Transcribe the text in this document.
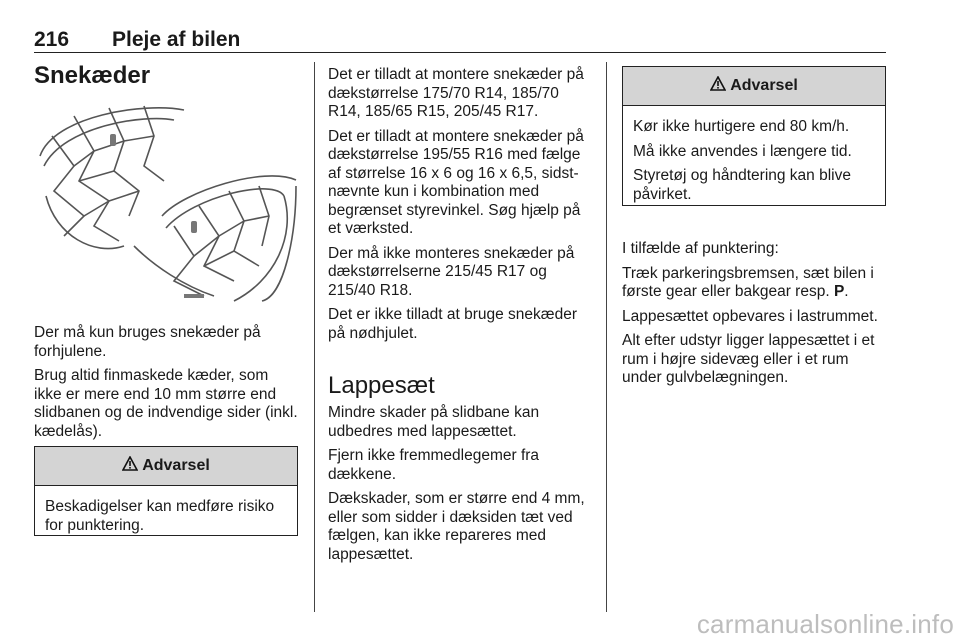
216 Pleje af bilen
Snekæder

Der må kun bruges snekæder på forhjulene.

Brug altid finmaskede kæder, som ikke er mere end 10 mm større end slidbanen og de indvendige sider (inkl. kædelås).

Advarsel

Beskadigelser kan medføre risiko for punktering.

Det er tilladt at montere snekæder på dækstørrelse 175/70 R14, 185/70 R14, 185/65 R15, 205/45 R17.

Det er tilladt at montere snekæder på dækstørrelse 195/55 R16 med fælge af størrelse 16 x 6 og 16 x 6,5, sidst-nævnte kun i kombination med begrænset styrevinkel. Søg hjælp på et værksted.

Der må ikke monteres snekæder på dækstørrelserne 215/45 R17 og 215/40 R18.

Det er ikke tilladt at bruge snekæder på nødhjulet.

Lappesæt

Mindre skader på slidbane kan udbedres med lappesættet.

Fjern ikke fremmedlegemer fra dækkene.

Dækskader, som er større end 4 mm, eller som sidder i dæksiden tæt ved fælgen, kan ikke repareres med lappesættet.

Advarsel

Kør ikke hurtigere end 80 km/h.

Må ikke anvendes i længere tid.

Styretøj og håndtering kan blive påvirket.

I tilfælde af punktering:

Træk parkeringsbremsen, sæt bilen i første gear eller bakgear resp. P.

Lappesættet opbevares i lastrummet.

Alt efter udstyr ligger lappesættet i et rum i højre sidevæg eller i et rum under gulvbelægningen.

carmanualsonline.info
